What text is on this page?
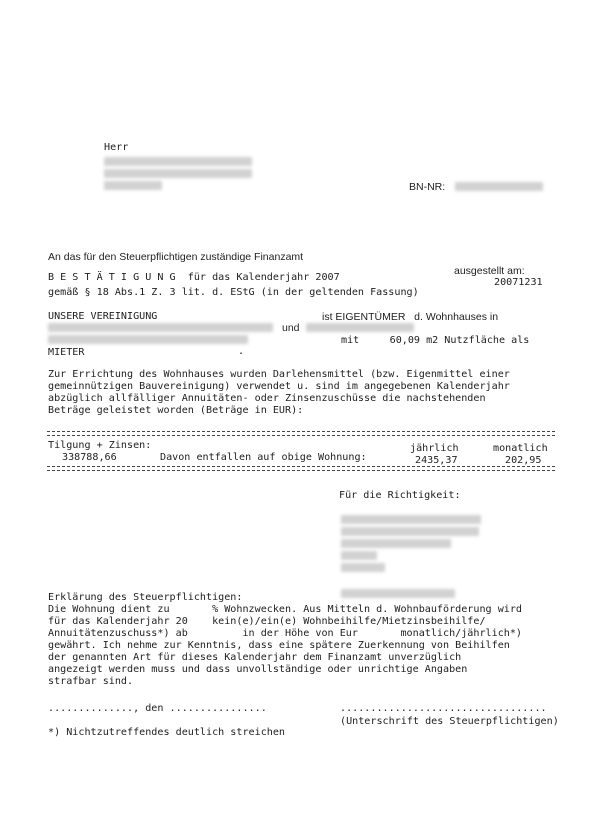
Herr
BN-NR:
An das für den Steuerpflichtigen zuständige Finanzamt
ausgestellt am:
20071231
B E S T Ä T I G U N G  für das Kalenderjahr 2007
gemäß § 18 Abs.1 Z. 3 lit. d. EStG (in der geltenden Fassung)
UNSERE VEREINIGUNG	ist EIGENTÜMER   d. Wohnhauses in
und
mit     60,09 m2 Nutzfläche als
MIETER	.
Zur Errichtung des Wohnhauses wurden Darlehensmittel (bzw. Eigenmittel einer
gemeinnützigen Bauvereinigung) verwendet u. sind im angegebenen Kalenderjahr
abzüglich allfälliger Annuitäten- oder Zinsenzuschüsse die nachstehenden
Beträge geleistet worden (Beträge in EUR):
jährlich	monatlich
Tilgung + Zinsen:
338788,66	Davon entfallen auf obige Wohnung:	2435,37	202,95
Für die Richtigkeit:
Erklärung des Steuerpflichtigen:
Die Wohnung dient zu       % Wohnzwecken. Aus Mitteln d. Wohnbauförderung wird
für das Kalenderjahr 20    kein(e)/ein(e) Wohnbeihilfe/Mietzinsbeihilfe/
Annuitätenzuschuss*) ab         in der Höhe von Eur       monatlich/jährlich*)
gewährt. Ich nehme zur Kenntnis, dass eine spätere Zuerkennung von Beihilfen
der genannten Art für dieses Kalenderjahr dem Finanzamt unverzüglich
angezeigt werden muss und dass unvollständige oder unrichtige Angaben
strafbar sind.
.............., den ................	..................................
(Unterschrift des Steuerpflichtigen)
*) Nichtzutreffendes deutlich streichen
